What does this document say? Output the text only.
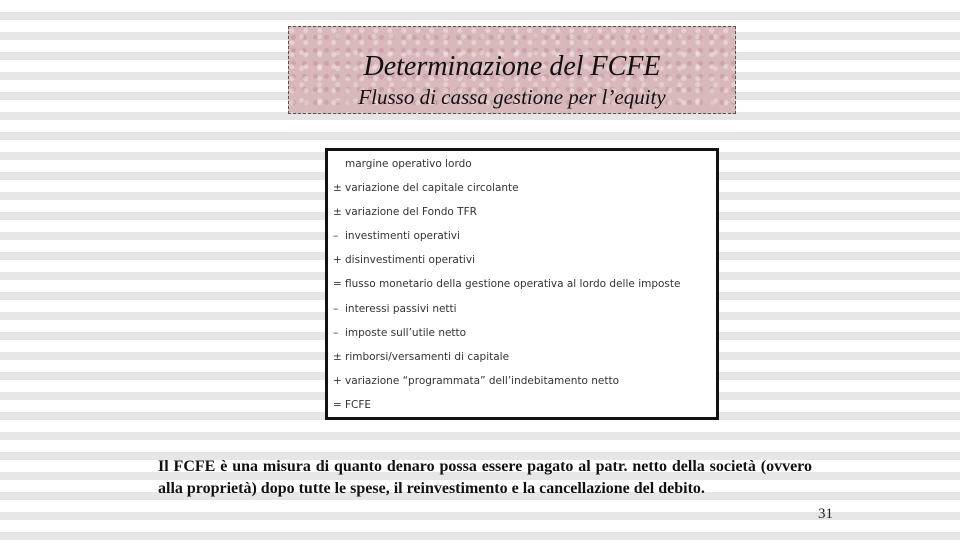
Determinazione del FCFE
Flusso di cassa gestione per l’equity
margine operativo lordo
± variazione del capitale circolante
± variazione del Fondo TFR
– investimenti operativi
+ disinvestimenti operativi
= flusso monetario della gestione operativa al lordo delle imposte
– interessi passivi netti
– imposte sull’utile netto
± rimborsi/versamenti di capitale
+ variazione “programmata” dell’indebitamento netto
= FCFE
Il FCFE è una misura di quanto denaro possa essere pagato al patr. netto della società (ovvero alla proprietà) dopo tutte le spese, il reinvestimento e la cancellazione del debito.
31
